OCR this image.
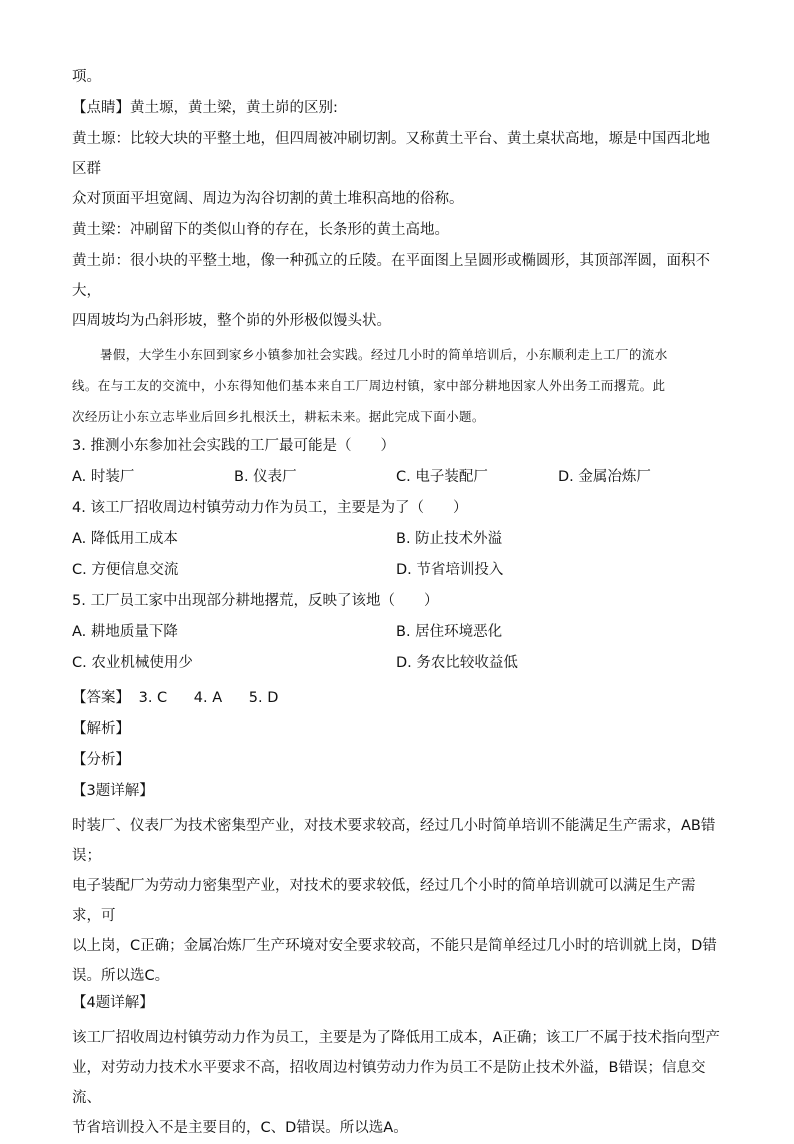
项。
【点睛】黄土塬，黄土梁，黄土峁的区别:
黄土塬：比较大块的平整土地，但四周被冲刷切割。又称黄土平台、黄土桌状高地，塬是中国西北地区群
众对顶面平坦宽阔、周边为沟谷切割的黄土堆积高地的俗称。
黄土梁：冲刷留下的类似山脊的存在，长条形的黄土高地。
黄土峁：很小块的平整土地，像一种孤立的丘陵。在平面图上呈圆形或椭圆形，其顶部浑圆，面积不大，
四周坡均为凸斜形坡，整个峁的外形极似馒头状。
暑假，大学生小东回到家乡小镇参加社会实践。经过几小时的简单培训后，小东顺利走上工厂的流水
线。在与工友的交流中，小东得知他们基本来自工厂周边村镇，家中部分耕地因家人外出务工而撂荒。此
次经历让小东立志毕业后回乡扎根沃土，耕耘未来。据此完成下面小题。
3. 推测小东参加社会实践的工厂最可能是（　　）
A. 时装厂	B. 仪表厂	C. 电子装配厂	D. 金属冶炼厂
4. 该工厂招收周边村镇劳动力作为员工，主要是为了（　　）
A. 降低用工成本	B. 防止技术外溢
C. 方便信息交流	D. 节省培训投入
5. 工厂员工家中出现部分耕地撂荒，反映了该地（　　）
A. 耕地质量下降	B. 居住环境恶化
C. 农业机械使用少	D. 务农比较收益低
【答案】 3. C 4. A 5. D
【解析】
【分析】
【3题详解】
时装厂、仪表厂为技术密集型产业，对技术要求较高，经过几小时简单培训不能满足生产需求，AB错误；
电子装配厂为劳动力密集型产业，对技术的要求较低，经过几个小时的简单培训就可以满足生产需求，可
以上岗，C正确；金属冶炼厂生产环境对安全要求较高，不能只是简单经过几小时的培训就上岗，D错
误。所以选C。
【4题详解】
该工厂招收周边村镇劳动力作为员工，主要是为了降低用工成本，A正确；该工厂不属于技术指向型产
业，对劳动力技术水平要求不高，招收周边村镇劳动力作为员工不是防止技术外溢，B错误；信息交流、
节省培训投入不是主要目的，C、D错误。所以选A。
